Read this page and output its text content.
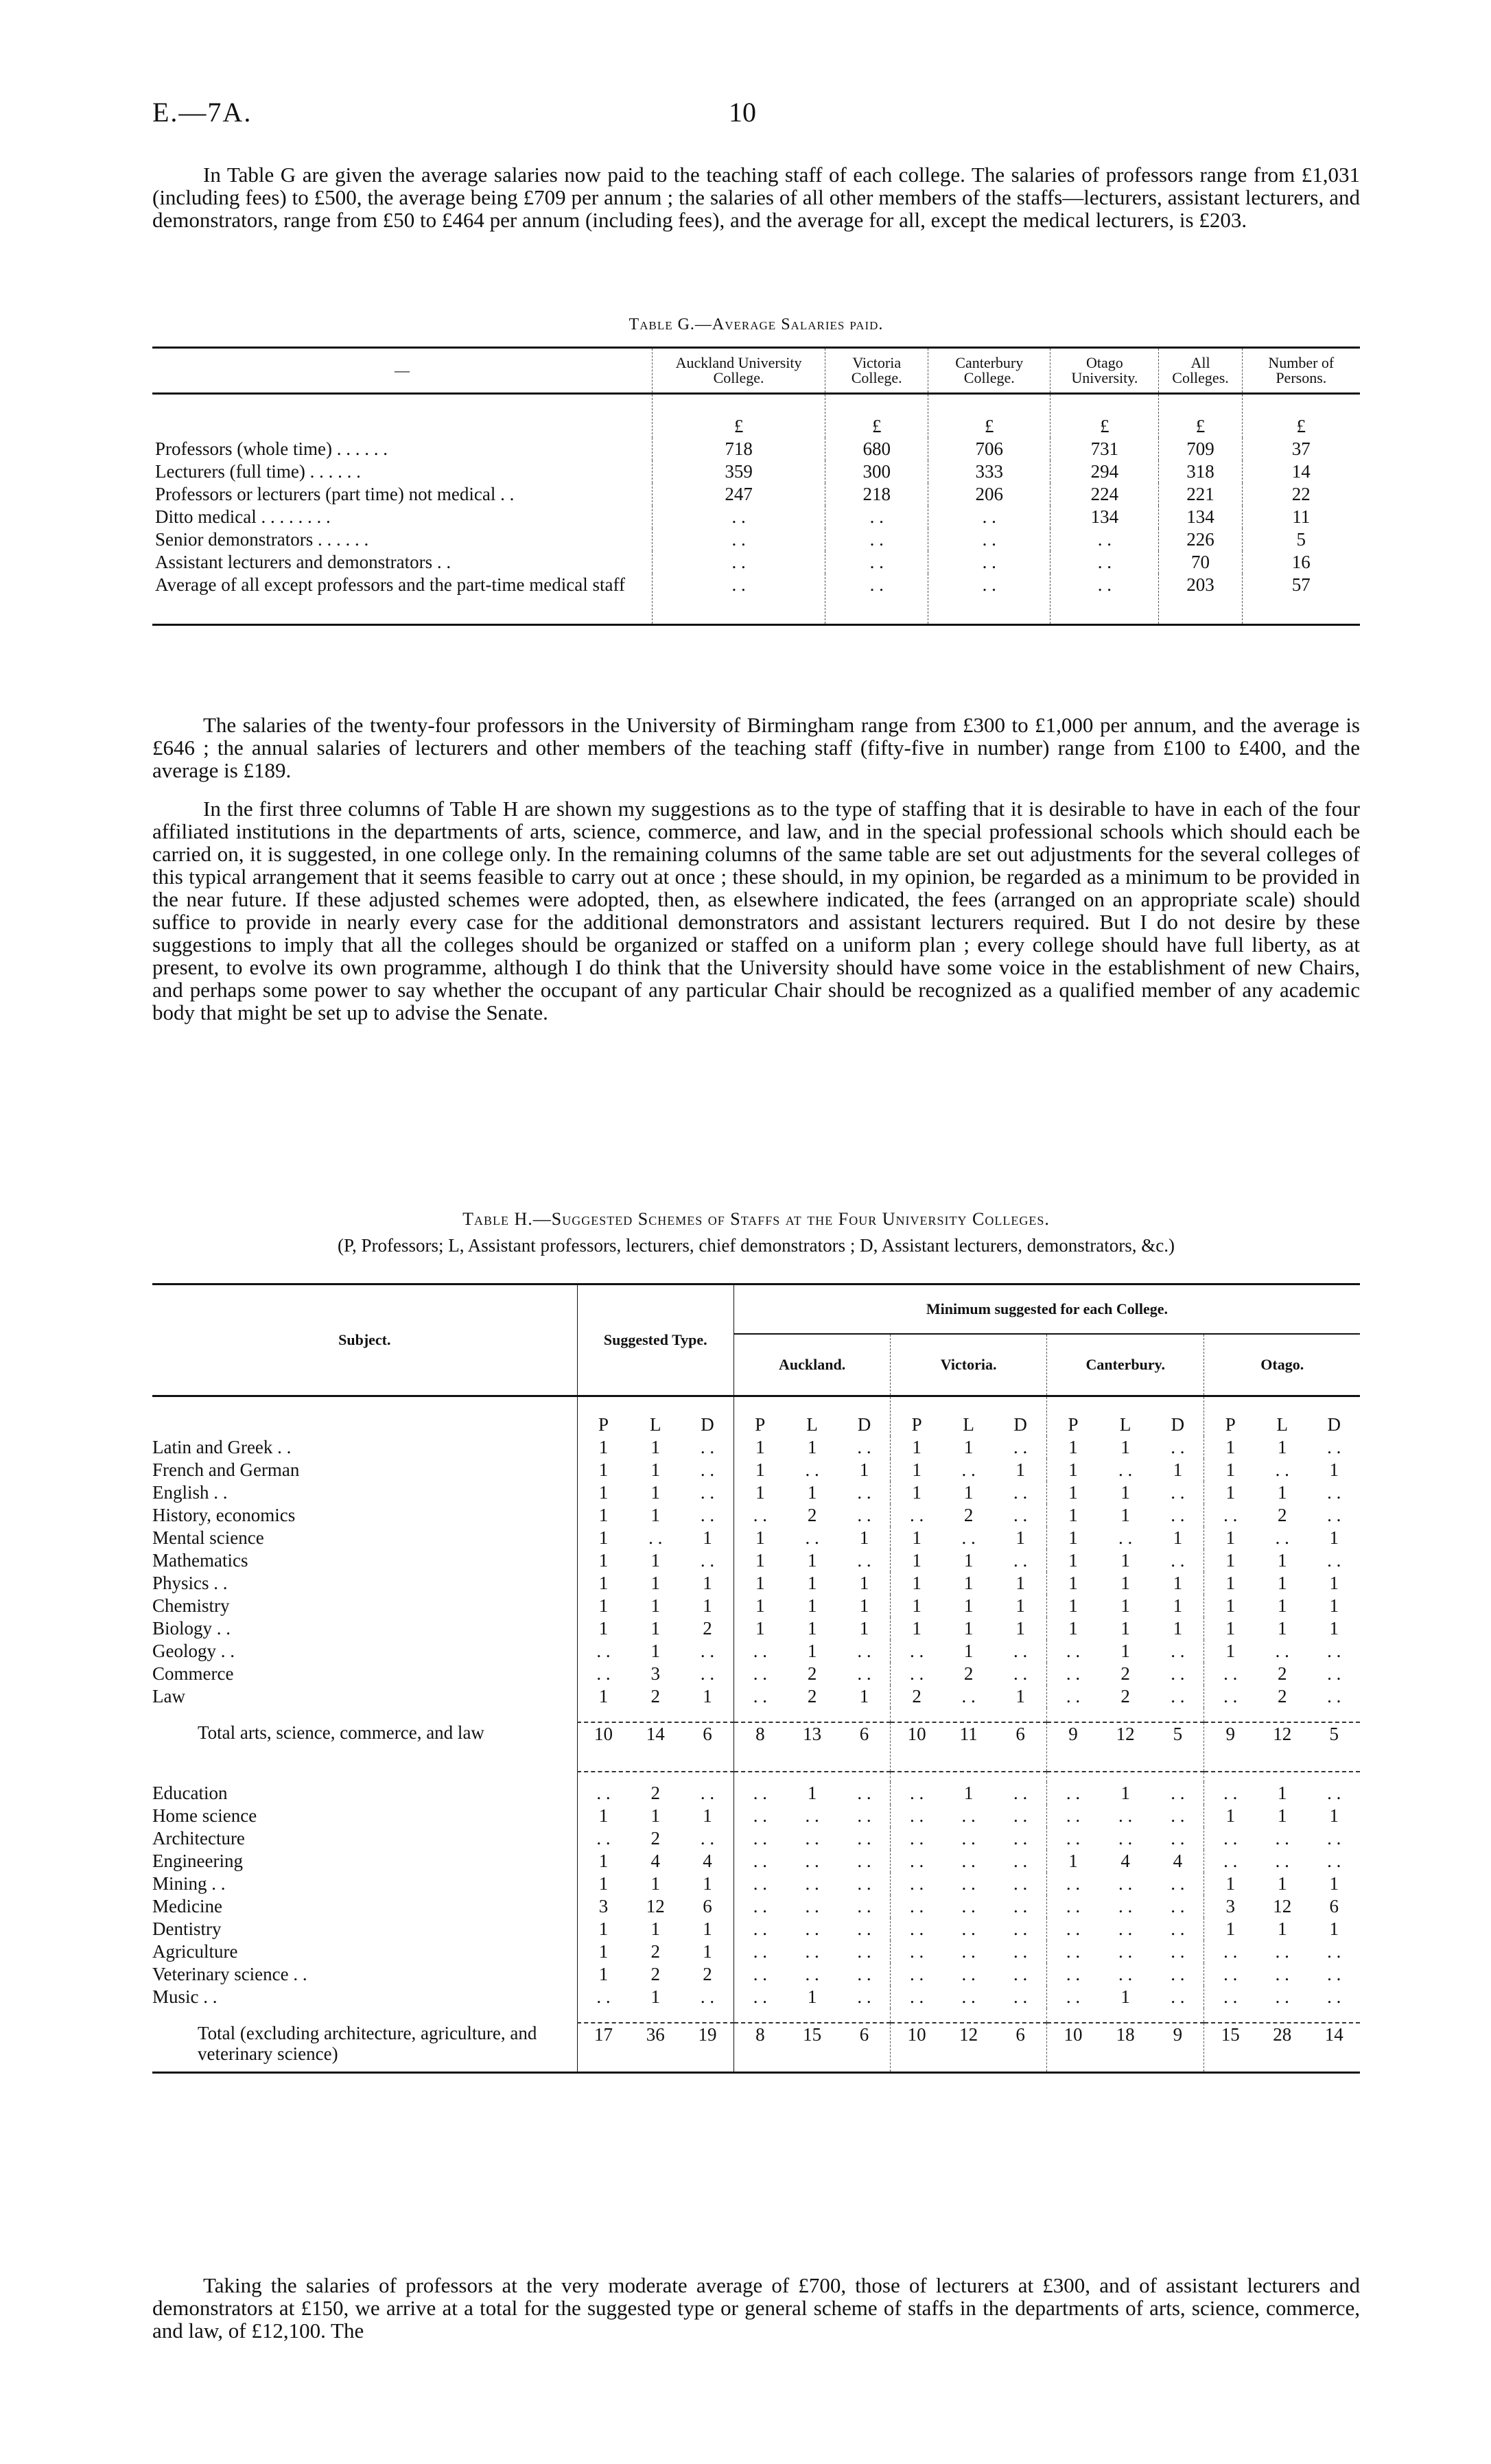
E.—7A.	10

In Table G are given the average salaries now paid to the teaching staff of each college. The salaries of professors range from £1,031 (including fees) to £500, the average being £709 per annum ; the salaries of all other members of the staffs—lecturers, assistant lecturers, and demonstrators, range from £50 to £464 per annum (including fees), and the average for all, except the medical lecturers, is £203.

Table G.—Average Salaries paid.
—	Auckland University College.	Victoria College.	Canterbury College.	Otago University.	All Colleges.	Number of Persons.
	£	£	£	£	£	£
Professors (whole time) . . . . . .	718	680	706	731	709	37
Lecturers (full time) . . . . . .	359	300	333	294	318	14
Professors or lecturers (part time) not medical . .	247	218	206	224	221	22
Ditto medical . . . . . . . .	. .	. .	. .	134	134	11
Senior demonstrators . . . . . .	. .	. .	. .	. .	226	5
Assistant lecturers and demonstrators . .	. .	. .	. .	. .	70	16
Average of all except professors and the part-time medical staff	. .	. .	. .	. .	203	57

The salaries of the twenty-four professors in the University of Birmingham range from £300 to £1,000 per annum, and the average is £646 ; the annual salaries of lecturers and other members of the teaching staff (fifty-five in number) range from £100 to £400, and the average is £189.

In the first three columns of Table H are shown my suggestions as to the type of staffing that it is desirable to have in each of the four affiliated institutions in the departments of arts, science, commerce, and law, and in the special professional schools which should each be carried on, it is suggested, in one college only. In the remaining columns of the same table are set out adjustments for the several colleges of this typical arrangement that it seems feasible to carry out at once ; these should, in my opinion, be regarded as a minimum to be provided in the near future. If these adjusted schemes were adopted, then, as elsewhere indicated, the fees (arranged on an appropriate scale) should suffice to provide in nearly every case for the additional demonstrators and assistant lecturers required. But I do not desire by these suggestions to imply that all the colleges should be organized or staffed on a uniform plan ; every college should have full liberty, as at present, to evolve its own programme, although I do think that the University should have some voice in the establishment of new Chairs, and perhaps some power to say whether the occupant of any particular Chair should be recognized as a qualified member of any academic body that might be set up to advise the Senate.

Table H.—Suggested Schemes of Staffs at the Four University Colleges.
(P, Professors; L, Assistant professors, lecturers, chief demonstrators ; D, Assistant lecturers, demonstrators, &c.)
Subject.	Suggested Type.	Minimum suggested for each College.			
		Auckland.	Victoria.	Canterbury.	Otago.

	P L D	P L D	P L D	P L D	P L D

Latin and Greek . .	1 1 . .	1 1 . .	1 1 . .	1 1 . .	1 1 . .

French and German	1 1 . .	1 . . 1	1 . . 1	1 . . 1	1 . . 1

English . .	1 1 . .	1 1 . .	1 1 . .	1 1 . .	1 1 . .

History, economics	1 1 . .	. . 2 . .	. . 2 . .	1 1 . .	. . 2 . .

Mental science	1 . . 1	1 . . 1	1 . . 1	1 . . 1	1 . . 1

Mathematics	1 1 . .	1 1 . .	1 1 . .	1 1 . .	1 1 . .

Physics . .	1 1 1	1 1 1	1 1 1	1 1 1	1 1 1

Chemistry	1 1 1	1 1 1	1 1 1	1 1 1	1 1 1

Biology . .	1 1 2	1 1 1	1 1 1	1 1 1	1 1 1

Geology . .	. . 1 . .	. . 1 . .	. . 1 . .	. . 1 . .	1 . . . .

Commerce	. . 3 . .	. . 2 . .	. . 2 . .	. . 2 . .	. . 2 . .

Law	1 2 1	. . 2 1	2 . . 1	. . 2 . .	. . 2 . .

Total arts, science, commerce, and law	10 14 6	8 13 6	10 11 6	9 12 5	9 12 5

Education	. . 2 . .	. . 1 . .	. . 1 . .	. . 1 . .	. . 1 . .

Home science	1 1 1	. . . . . .	. . . . . .	. . . . . .	1 1 1

Architecture	. . 2 . .	. . . . . .	. . . . . .	. . . . . .	. . . . . .

Engineering	1 4 4	. . . . . .	. . . . . .	1 4 4	. . . . . .

Mining . .	1 1 1	. . . . . .	. . . . . .	. . . . . .	1 1 1

Medicine	3 12 6	. . . . . .	. . . . . .	. . . . . .	3 12 6

Dentistry	1 1 1	. . . . . .	. . . . . .	. . . . . .	1 1 1

Agriculture	1 2 1	. . . . . .	. . . . . .	. . . . . .	. . . . . .

Veterinary science . .	1 2 2	. . . . . .	. . . . . .	. . . . . .	. . . . . .

Music . .	. . 1 . .	. . 1 . .	. . . . . .	. . 1 . .	. . . . . .

Total (excluding architecture, agriculture, and veterinary science)	17 36 19	8 15 6	10 12 6	10 18 9	15 28 14

Taking the salaries of professors at the very moderate average of £700, those of lecturers at £300, and of assistant lecturers and demonstrators at £150, we arrive at a total for the suggested type or general scheme of staffs in the departments of arts, science, commerce, and law, of £12,100. The
